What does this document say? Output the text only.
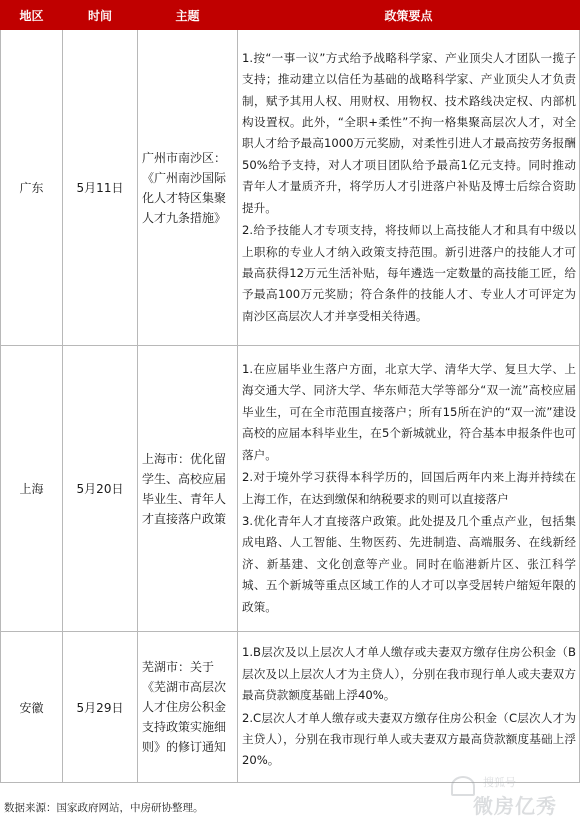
地区	时间	主题	政策要点
广东	5月11日	广州市南沙区：《广州南沙国际化人才特区集聚人才九条措施》	1.按“一事一议”方式给予战略科学家、产业顶尖人才团队一揽子支持；推动建立以信任为基础的战略科学家、产业顶尖人才负责制，赋予其用人权、用财权、用物权、技术路线决定权、内部机构设置权。此外，“全职+柔性”不拘一格集聚高层次人才，对全职人才给予最高1000万元奖励，对柔性引进人才最高按劳务报酬50%给予支持，对人才项目团队给予最高1亿元支持。同时推动青年人才量质齐升，将学历人才引进落户补贴及博士后综合资助提升。

2.给予技能人才专项支持，将技师以上高技能人才和具有中级以上职称的专业人才纳入政策支持范围。新引进落户的技能人才可最高获得12万元生活补贴，每年遴选一定数量的高技能工匠，给予最高100万元奖励；符合条件的技能人才、专业人才可评定为南沙区高层次人才并享受相关待遇。

上海	5月20日	上海市：优化留学生、高校应届毕业生、青年人才直接落户政策	1.在应届毕业生落户方面，北京大学、清华大学、复旦大学、上海交通大学、同济大学、华东师范大学等部分“双一流”高校应届毕业生，可在全市范围直接落户；所有15所在沪的“双一流”建设高校的应届本科毕业生，在5个新城就业，符合基本申报条件也可落户。

2.对于境外学习获得本科学历的，回国后两年内来上海并持续在上海工作，在达到缴保和纳税要求的则可以直接落户

3.优化青年人才直接落户政策。此处提及几个重点产业，包括集成电路、人工智能、生物医药、先进制造、高端服务、在线新经济、新基建、文化创意等产业。同时在临港新片区、张江科学城、五个新城等重点区域工作的人才可以享受居转户缩短年限的政策。

安徽	5月29日	芜湖市：关于《芜湖市高层次人才住房公积金支持政策实施细则》的修订通知	1.B层次及以上层次人才单人缴存或夫妻双方缴存住房公积金（B层次及以上层次人才为主贷人），分别在我市现行单人或夫妻双方最高贷款额度基础上浮40%。

2.C层次人才单人缴存或夫妻双方缴存住房公积金（C层次人才为主贷人），分别在我市现行单人或夫妻双方最高贷款额度基础上浮20%。

数据来源：国家政府网站，中房研协整理。
搜狐号
微房亿秀
